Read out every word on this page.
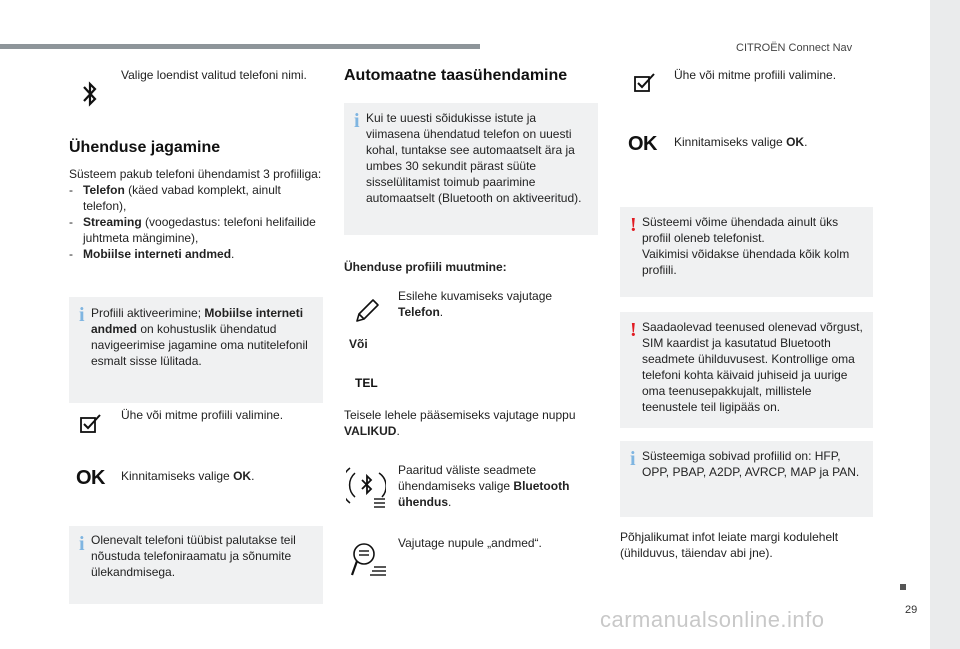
CITROËN Connect Nav
29
carmanualsonline.info
Valige loendist valitud telefoni nimi.
Ühenduse jagamine
Süsteem pakub telefoni ühendamist 3 profiiliga:
- Telefon (käed vabad komplekt, ainult telefon),
- Streaming (voogedastus: telefoni helifailide juhtmeta mängimine),
- Mobiilse interneti andmed.
i Profiili aktiveerimine; Mobiilse interneti andmed on kohustuslik ühendatud navigeerimise jagamine oma nutitelefonil esmalt sisse lülitada.
Ühe või mitme profiili valimine.
OK Kinnitamiseks valige OK.
i Olenevalt telefoni tüübist palutakse teil nõustuda telefoniraamatu ja sõnumite ülekandmisega.
Automaatne taasühendamine
i Kui te uuesti sõidukisse istute ja viimasena ühendatud telefon on uuesti kohal, tuntakse see automaatselt ära ja umbes 30 sekundit pärast süüte sisselülitamist toimub paarimine automaatselt (Bluetooth on aktiveeritud).
Ühenduse profiili muutmine:
Esilehe kuvamiseks vajutage Telefon.
Või
TEL
Teisele lehele pääsemiseks vajutage nuppu VALIKUD.
Paaritud väliste seadmete ühendamiseks valige Bluetooth ühendus.
Vajutage nupule „andmed“.
Ühe või mitme profiili valimine.
OK Kinnitamiseks valige OK.
! Süsteemi võime ühendada ainult üks profiil oleneb telefonist.
Vaikimisi võidakse ühendada kõik kolm profiili.
! Saadaolevad teenused olenevad võrgust, SIM kaardist ja kasutatud Bluetooth seadmete ühilduvusest. Kontrollige oma telefoni kohta käivaid juhiseid ja uurige oma teenusepakkujalt, millistele teenustele teil ligipääs on.
i Süsteemiga sobivad profiilid on: HFP, OPP, PBAP, A2DP, AVRCP, MAP ja PAN.
Põhjalikumat infot leiate margi kodulehelt (ühilduvus, täiendav abi jne).
